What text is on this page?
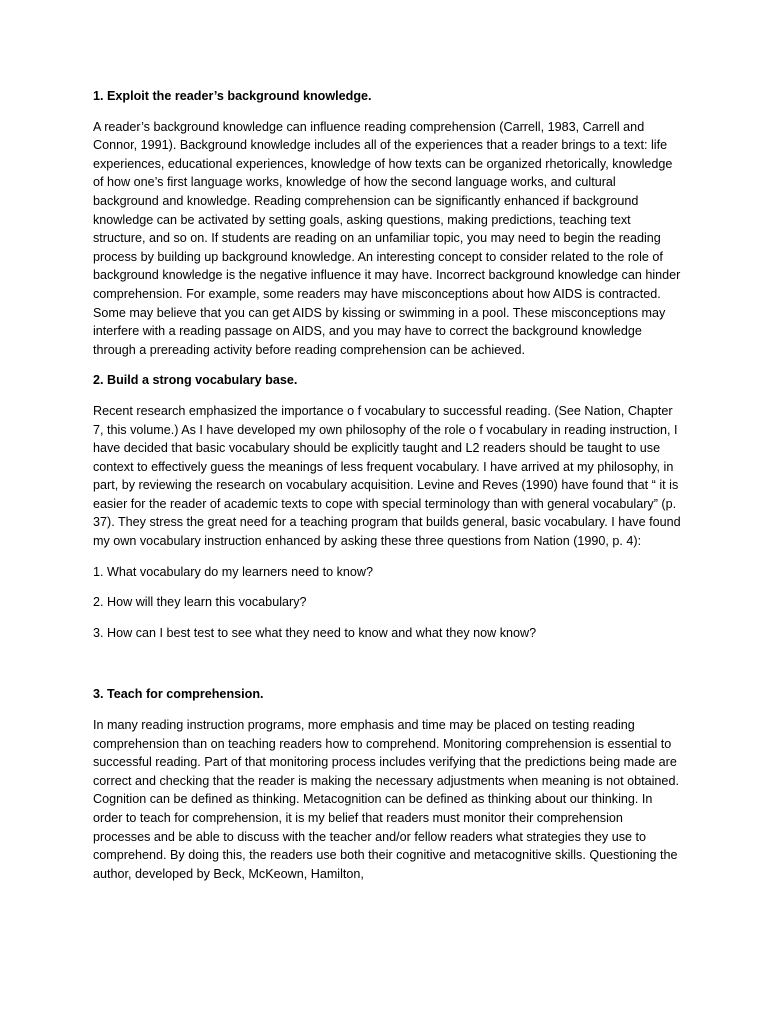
1. Exploit the reader’s background knowledge.
A reader’s background knowledge can influence reading comprehension (Carrell, 1983, Carrell and Connor, 1991). Background knowledge includes all of the experiences that a reader brings to a text: life experiences, educational experiences, knowledge of how texts can be organized rhetorically, knowledge of how one’s first language works, knowledge of how the second language works, and cultural background and knowledge. Reading comprehension can be significantly enhanced if background knowledge can be activated by setting goals, asking questions, making predictions, teaching text structure, and so on. If students are reading on an unfamiliar topic, you may need to begin the reading process by building up background knowledge. An interesting concept to consider related to the role of background knowledge is the negative influence it may have. Incorrect background knowledge can hinder comprehension. For example, some readers may have misconceptions about how AIDS is contracted. Some may believe that you can get AIDS by kissing or swimming in a pool. These misconceptions may interfere with a reading passage on AIDS, and you may have to correct the background knowledge through a prereading activity before reading comprehension can be achieved.
2. Build a strong vocabulary base.
Recent research emphasized the importance o f vocabulary to successful reading. (See Nation, Chapter 7, this volume.) As I have developed my own philosophy of the role o f vocabulary in reading instruction, I have decided that basic vocabulary should be explicitly taught and L2 readers should be taught to use context to effectively guess the meanings of less frequent vocabulary. I have arrived at my philosophy, in part, by reviewing the research on vocabulary acquisition. Levine and Reves (1990) have found that “ it is easier for the reader of academic texts to cope with special terminology than with general vocabulary” (p. 37). They stress the great need for a teaching program that builds general, basic vocabulary. I have found my own vocabulary instruction enhanced by asking these three questions from Nation (1990, p. 4):
1. What vocabulary do my learners need to know?
2. How will they learn this vocabulary?
3. How can I best test to see what they need to know and what they now know?
3. Teach for comprehension.
In many reading instruction programs, more emphasis and time may be placed on testing reading comprehension than on teaching readers how to comprehend. Monitoring comprehension is essential to successful reading. Part of that monitoring process includes verifying that the predictions being made are correct and checking that the reader is making the necessary adjustments when meaning is not obtained. Cognition can be defined as thinking. Metacognition can be defined as thinking about our thinking. In order to teach for comprehension, it is my belief that readers must monitor their comprehension processes and be able to discuss with the teacher and/or fellow readers what strategies they use to comprehend. By doing this, the readers use both their cognitive and metacognitive skills. Questioning the author, developed by Beck, McKeown, Hamilton,
